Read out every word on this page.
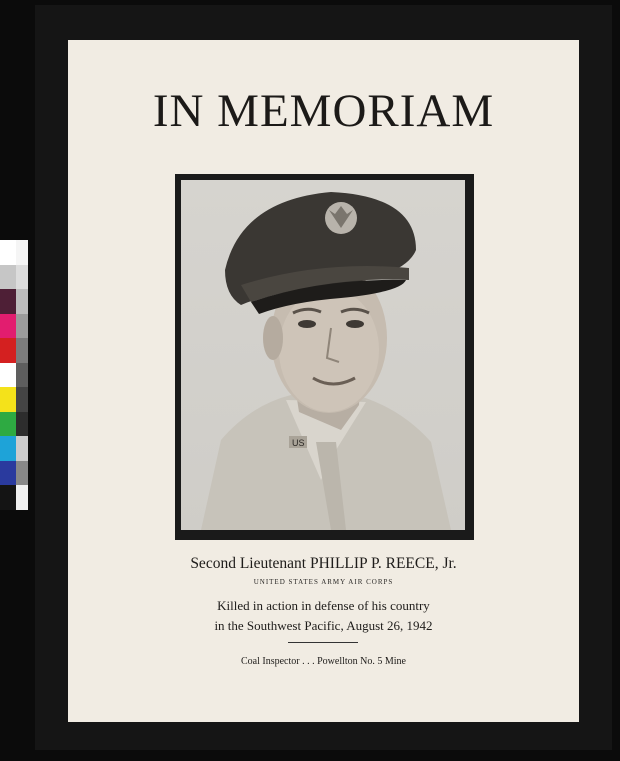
IN MEMORIAM
US
Second Lieutenant PHILLIP P. REECE, Jr.
UNITED STATES ARMY AIR CORPS
Killed in action in defense of his country
in the Southwest Pacific, August 26, 1942
Coal Inspector . . . Powellton No. 5 Mine
